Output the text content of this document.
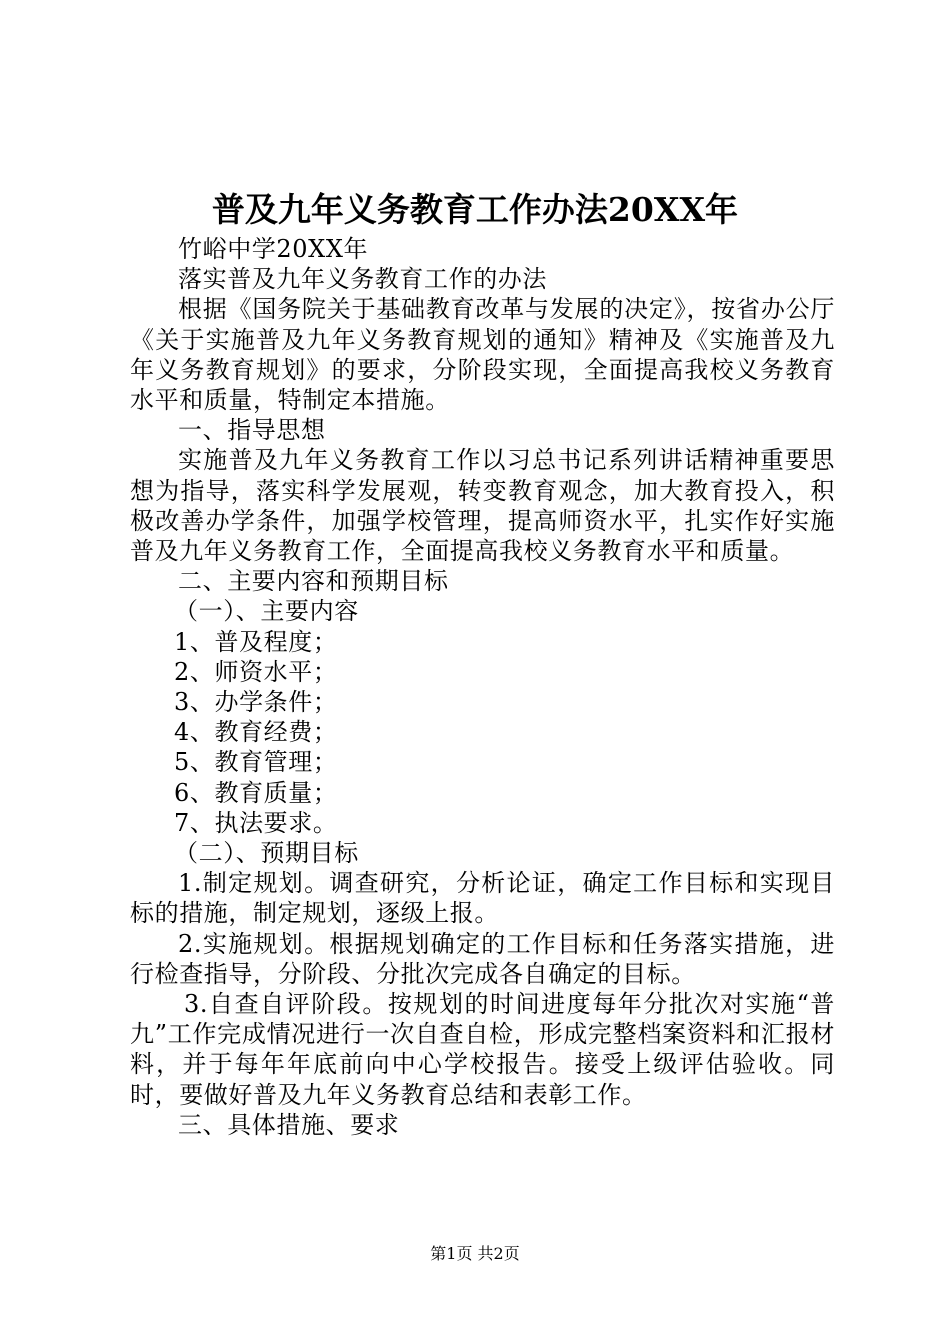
普及九年义务教育工作办法20XX年

竹峪中学20XX年

落实普及九年义务教育工作的办法

根据《国务院关于基础教育改革与发展的决定》，按省办公厅《关于实施普及九年义务教育规划的通知》精神及《实施普及九年义务教育规划》的要求，分阶段实现，全面提高我校义务教育水平和质量，特制定本措施。

一、指导思想

实施普及九年义务教育工作以习总书记系列讲话精神重要思想为指导，落实科学发展观，转变教育观念，加大教育投入，积极改善办学条件，加强学校管理，提高师资水平，扎实作好实施普及九年义务教育工作，全面提高我校义务教育水平和质量。

二、主要内容和预期目标

（一）、主要内容

1、普及程度；

2、师资水平；

3、办学条件；

4、教育经费；

5、教育管理；

6、教育质量；

7、执法要求。

（二）、预期目标

1.制定规划。调查研究，分析论证，确定工作目标和实现目标的措施，制定规划，逐级上报。

2.实施规划。根据规划确定的工作目标和任务落实措施，进行检查指导，分阶段、分批次完成各自确定的目标。

3.自查自评阶段。按规划的时间进度每年分批次对实施“普九”工作完成情况进行一次自查自检，形成完整档案资料和汇报材料，并于每年年底前向中心学校报告。接受上级评估验收。同时，要做好普及九年义务教育总结和表彰工作。

三、具体措施、要求

第1页 共2页
